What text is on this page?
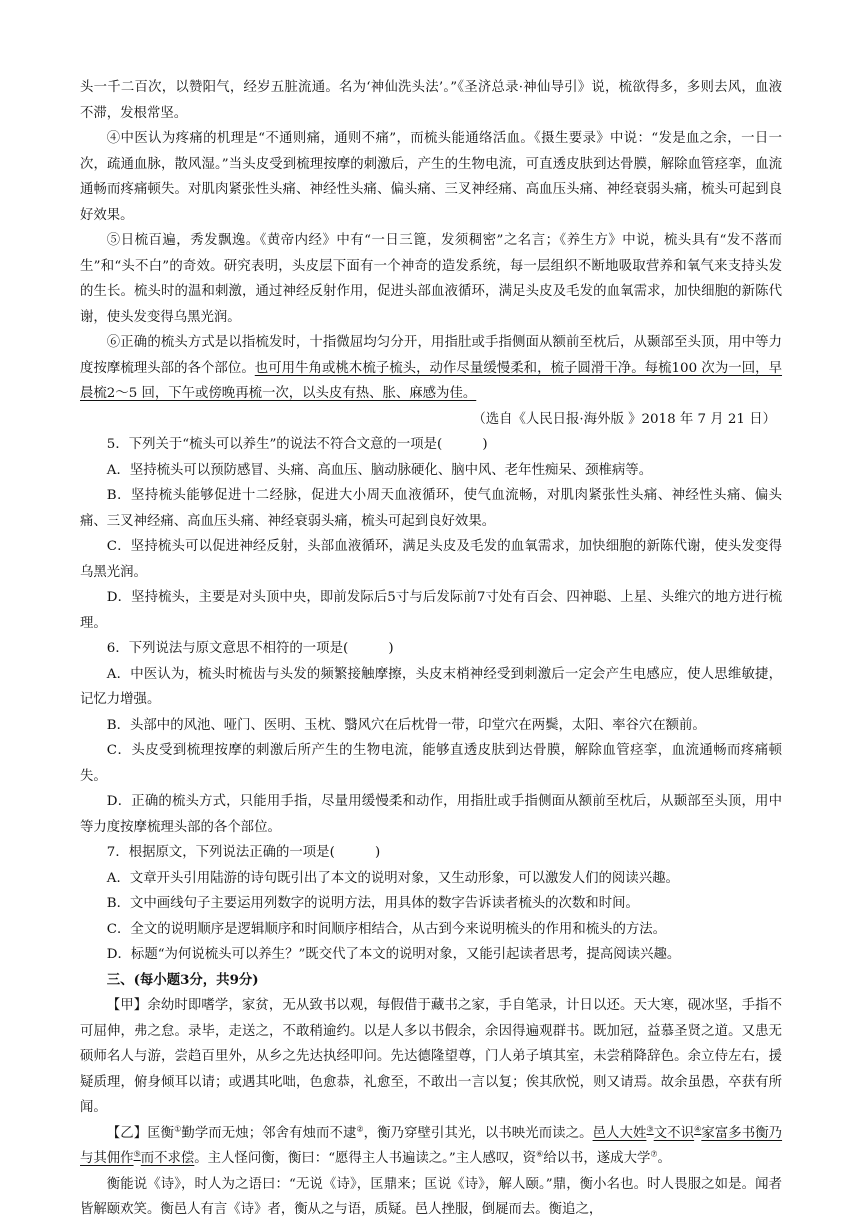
头一千二百次，以赞阳气，经岁五脏流通。名为‘神仙洗头法’。”《圣济总录·神仙导引》说，梳欲得多，多则去风，血液不滞，发根常坚。

④中医认为疼痛的机理是“不通则痛，通则不痛”，而梳头能通络活血。《摄生要录》中说：“发是血之余，一日一次，疏通血脉，散风湿。”当头皮受到梳理按摩的刺激后，产生的生物电流，可直透皮肤到达骨膜，解除血管痉挛，血流通畅而疼痛顿失。对肌肉紧张性头痛、神经性头痛、偏头痛、三叉神经痛、高血压头痛、神经衰弱头痛，梳头可起到良好效果。

⑤日梳百遍，秀发飘逸。《黄帝内经》中有“一日三篦，发须稠密”之名言；《养生方》中说，梳头具有“发不落而生”和“头不白”的奇效。研究表明，头皮层下面有一个神奇的造发系统，每一层组织不断地吸取营养和氧气来支持头发的生长。梳头时的温和刺激，通过神经反射作用，促进头部血液循环，满足头皮及毛发的血氧需求，加快细胞的新陈代谢，使头发变得乌黑光润。

⑥正确的梳头方式是以指梳发时，十指微屈均匀分开，用指肚或手指侧面从额前至枕后，从颞部至头顶，用中等力度按摩梳理头部的各个部位。也可用牛角或桃木梳子梳头，动作尽量缓慢柔和，梳子圆滑干净。每梳100 次为一回，早晨梳2～5 回，下午或傍晚再梳一次，以头皮有热、胀、麻感为佳。

（选自《人民日报·海外版 》2018 年 7 月 21 日）

5．下列关于“梳头可以养生”的说法不符合文意的一项是(　　　)

A．坚持梳头可以预防感冒、头痛、高血压、脑动脉硬化、脑中风、老年性痴呆、颈椎病等。

B．坚持梳头能够促进十二经脉，促进大小周天血液循环，使气血流畅，对肌肉紧张性头痛、神经性头痛、偏头痛、三叉神经痛、高血压头痛、神经衰弱头痛，梳头可起到良好效果。

C．坚持梳头可以促进神经反射，头部血液循环，满足头皮及毛发的血氧需求，加快细胞的新陈代谢，使头发变得乌黑光润。

D．坚持梳头，主要是对头顶中央，即前发际后5寸与后发际前7寸处有百会、四神聪、上星、头维穴的地方进行梳理。

6．下列说法与原文意思不相符的一项是(　　　)

A．中医认为，梳头时梳齿与头发的频繁接触摩擦，头皮末梢神经受到刺激后一定会产生电感应，使人思维敏捷，记忆力增强。

B．头部中的风池、哑门、医明、玉枕、翳风穴在后枕骨一带，印堂穴在两鬓，太阳、率谷穴在额前。

C．头皮受到梳理按摩的刺激后所产生的生物电流，能够直透皮肤到达骨膜，解除血管痉挛，血流通畅而疼痛顿失。

D．正确的梳头方式，只能用手指，尽量用缓慢柔和动作，用指肚或手指侧面从额前至枕后，从颞部至头顶，用中等力度按摩梳理头部的各个部位。

7．根据原文，下列说法正确的一项是(　　　)

A．文章开头引用陆游的诗句既引出了本文的说明对象，又生动形象，可以激发人们的阅读兴趣。

B．文中画线句子主要运用列数字的说明方法，用具体的数字告诉读者梳头的次数和时间。

C．全文的说明顺序是逻辑顺序和时间顺序相结合，从古到今来说明梳头的作用和梳头的方法。

D．标题“为何说梳头可以养生？”既交代了本文的说明对象，又能引起读者思考，提高阅读兴趣。

三、(每小题3分，共9分)

【甲】余幼时即嗜学，家贫，无从致书以观，每假借于藏书之家，手自笔录，计日以还。天大寒，砚冰坚，手指不可屈伸，弗之怠。录毕，走送之，不敢稍逾约。以是人多以书假余，余因得遍观群书。既加冠，益慕圣贤之道。又患无硕师名人与游，尝趋百里外，从乡之先达执经叩问。先达德隆望尊，门人弟子填其室，未尝稍降辞色。余立侍左右，援疑质理，俯身倾耳以请；或遇其叱咄，色愈恭，礼愈至，不敢出一言以复；俟其欣悦，则又请焉。故余虽愚，卒获有所闻。

【乙】匡衡①勤学而无烛；邻舍有烛而不逮②，衡乃穿壁引其光，以书映光而读之。邑人大姓③文不识④家富多书衡乃与其佣作⑤而不求偿。主人怪问衡，衡曰：“愿得主人书遍读之。”主人感叹，资⑥给以书，遂成大学⑦。

衡能说《诗》，时人为之语曰：“无说《诗》，匡鼎来；匡说《诗》，解人颐。”鼎，衡小名也。时人畏服之如是。闻者皆解颐欢笑。衡邑人有言《诗》者，衡从之与语，质疑。邑人挫服，倒屣而去。衡追之，
